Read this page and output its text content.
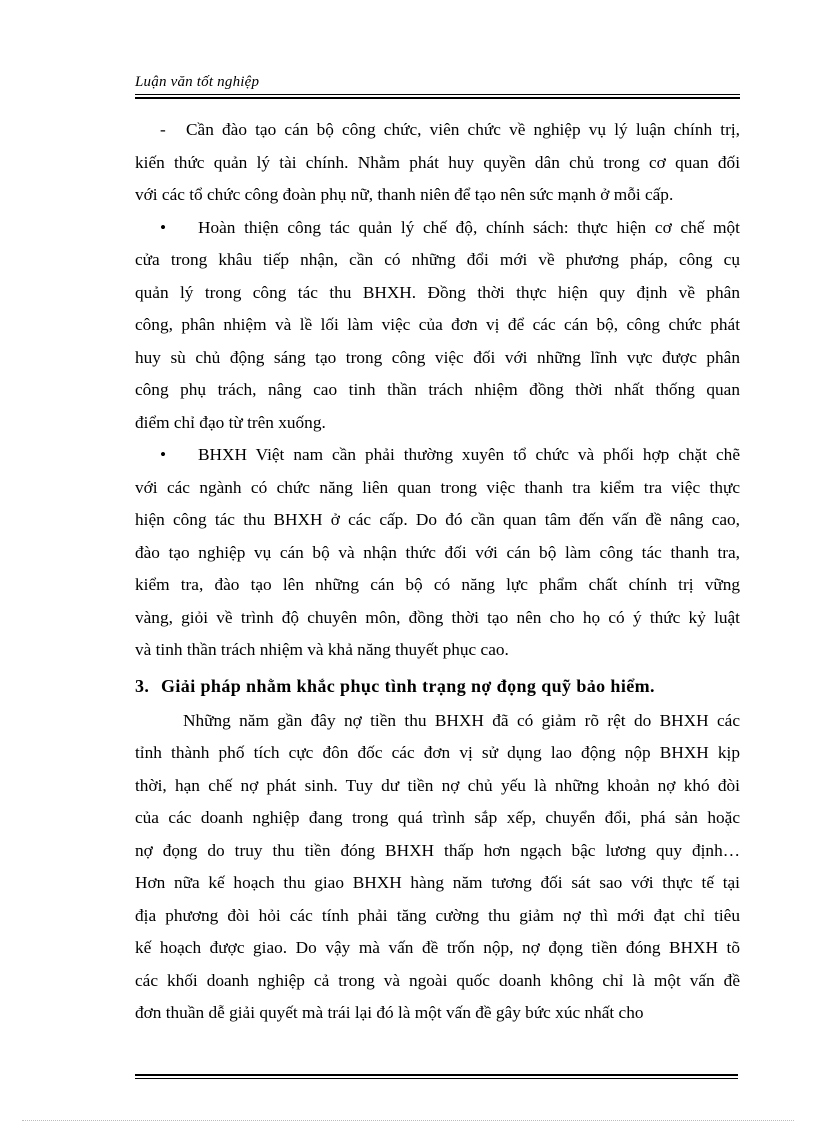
Luận văn tốt nghiệp
- Cần đào tạo cán bộ công chức, viên chức về nghiệp vụ lý luận chính trị,
kiến thức quản lý tài chính. Nhằm phát huy quyền dân chủ trong cơ quan đối
với các tổ chức công đoàn phụ nữ, thanh niên để tạo nên sức mạnh ở mỗi cấp.
• Hoàn thiện công tác quản lý chế độ, chính sách: thực hiện cơ chế một
cửa trong khâu tiếp nhận, cần có những đổi mới về phương pháp, công cụ
quản lý trong công tác thu BHXH. Đồng thời thực hiện quy định về phân
công, phân nhiệm và lề lối làm việc của đơn vị để các cán bộ, công chức phát
huy sù chủ động sáng tạo trong công việc đối với những lĩnh vực được phân
công phụ trách, nâng cao tinh thần trách nhiệm đồng thời nhất thống quan
điểm chỉ đạo từ trên xuống.
• BHXH Việt nam cần phải thường xuyên tổ chức và phối hợp chặt chẽ
với các ngành có chức năng liên quan trong việc thanh tra kiểm tra việc thực
hiện công tác thu BHXH ở các cấp. Do đó cần quan tâm đến vấn đề nâng cao,
đào tạo nghiệp vụ cán bộ và nhận thức đối với cán bộ làm công tác thanh tra,
kiểm tra, đào tạo lên những cán bộ có năng lực phẩm chất chính trị vững
vàng, giỏi về trình độ chuyên môn, đồng thời tạo nên cho họ có ý thức kỷ luật
và tinh thần trách nhiệm và khả năng thuyết phục cao.
3. Giải pháp nhằm khắc phục tình trạng nợ đọng quỹ bảo hiểm.
Những năm gần đây nợ tiền thu BHXH đã có giảm rõ rệt do BHXH các
tỉnh thành phố tích cực đôn đốc các đơn vị sử dụng lao động nộp BHXH kịp
thời, hạn chế nợ phát sinh. Tuy dư tiền nợ chủ yếu là những khoản nợ khó đòi
của các doanh nghiệp đang trong quá trình sắp xếp, chuyển đổi, phá sản hoặc
nợ đọng do truy thu tiền đóng BHXH thấp hơn ngạch bậc lương quy định…
Hơn nữa kế hoạch thu giao BHXH hàng năm tương đối sát sao với thực tế tại
địa phương đòi hỏi các tính phải tăng cường thu giảm nợ thì mới đạt chỉ tiêu
kế hoạch được giao. Do vậy mà vấn đề trốn nộp, nợ đọng tiền đóng BHXH tõ
các khối doanh nghiệp cả trong và ngoài quốc doanh không chỉ là một vấn đề
đơn thuần dễ giải quyết mà trái lại đó là một vấn đề gây bức xúc nhất cho
